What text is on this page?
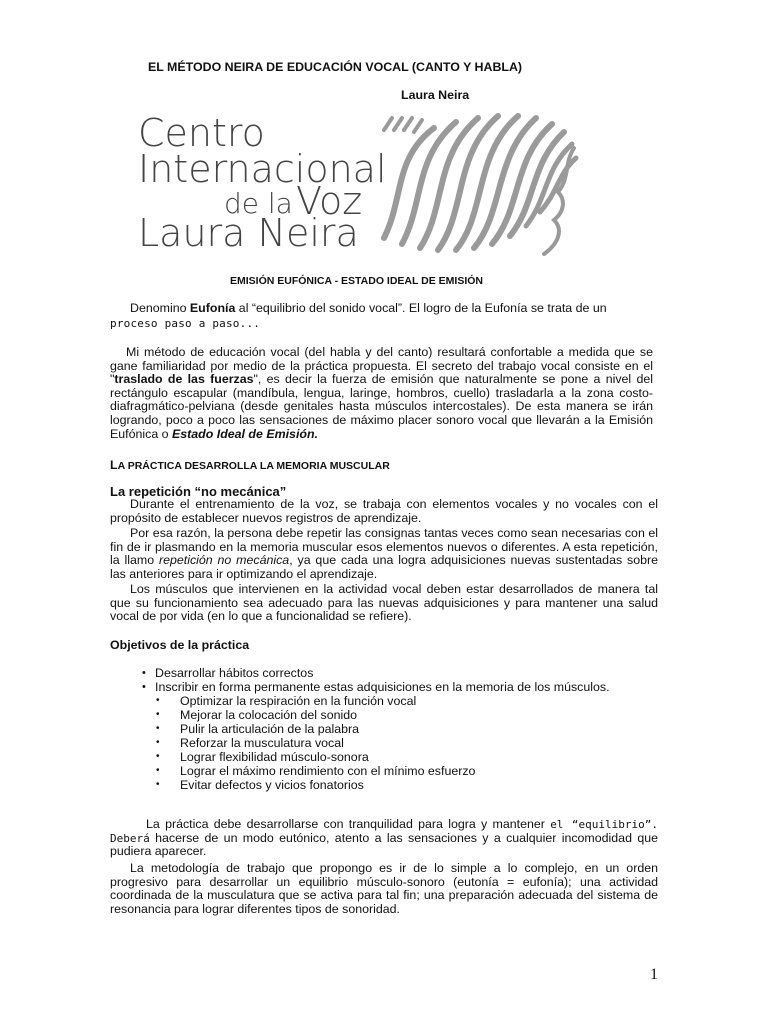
EL MÉTODO NEIRA DE EDUCACIÓN VOCAL (CANTO Y HABLA)
Laura Neira
Centro
Internacional
de la Voz
Laura Neira
EMISIÓN EUFÓNICA - ESTADO IDEAL DE EMISIÓN
Denomino Eufonía al “equilibrio del sonido vocal”. El logro de la Eufonía se trata de un
proceso paso a paso...
Mi método de educación vocal (del habla y del canto) resultará confortable a medida que se gane familiaridad por medio de la práctica propuesta. El secreto del trabajo vocal consiste en el "traslado de las fuerzas", es decir la fuerza de emisión que naturalmente se pone a nivel del rectángulo escapular (mandíbula, lengua, laringe, hombros, cuello) trasladarla a la zona costo-diafragmático-pelviana (desde genitales hasta músculos intercostales). De esta manera se irán logrando, poco a poco las sensaciones de máximo placer sonoro vocal que llevarán a la Emisión Eufónica o Estado Ideal de Emisión.
LA PRÁCTICA DESARROLLA LA MEMORIA MUSCULAR
La repetición “no mecánica”
Durante el entrenamiento de la voz, se trabaja con elementos vocales y no vocales con el propósito de establecer nuevos registros de aprendizaje.
Por esa razón, la persona debe repetir las consignas tantas veces como sean necesarias con el fin de ir plasmando en la memoria muscular esos elementos nuevos o diferentes. A esta repetición, la llamo repetición no mecánica, ya que cada una logra adquisiciones nuevas sustentadas sobre las anteriores para ir optimizando el aprendizaje.
Los músculos que intervienen en la actividad vocal deben estar desarrollados de manera tal que su funcionamiento sea adecuado para las nuevas adquisiciones y para mantener una salud vocal de por vida (en lo que a funcionalidad se refiere).
Objetivos de la práctica
• Desarrollar hábitos correctos
• Inscribir en forma permanente estas adquisiciones en la memoria de los músculos.
• Optimizar la respiración en la función vocal
• Mejorar la colocación del sonido
• Pulir la articulación de la palabra
• Reforzar la musculatura vocal
• Lograr flexibilidad músculo-sonora
• Lograr el máximo rendimiento con el mínimo esfuerzo
• Evitar defectos y vicios fonatorios
La práctica debe desarrollarse con tranquilidad para logra y mantener el “equilibrio”. Deberá hacerse de un modo eutónico, atento a las sensaciones y a cualquier incomodidad que pudiera aparecer.
La metodología de trabajo que propongo es ir de lo simple a lo complejo, en un orden progresivo para desarrollar un equilibrio músculo-sonoro (eutonía = eufonía); una actividad coordinada de la musculatura que se activa para tal fin; una preparación adecuada del sistema de resonancia para lograr diferentes tipos de sonoridad.
1
